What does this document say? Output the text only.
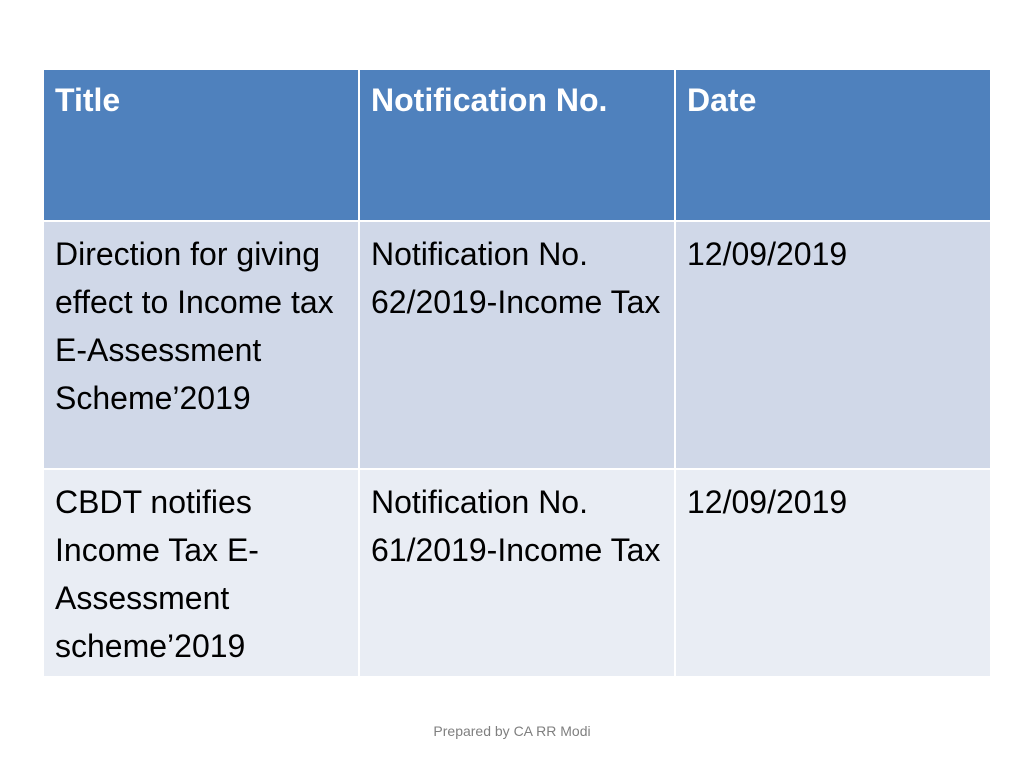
Title	Notification No.	Date
Direction for giving effect to Income tax E-Assessment Scheme’2019	Notification No. 62/2019-Income Tax	12/09/2019
CBDT notifies Income Tax E-Assessment scheme’2019	Notification No. 61/2019-Income Tax	12/09/2019
Prepared by CA RR Modi
